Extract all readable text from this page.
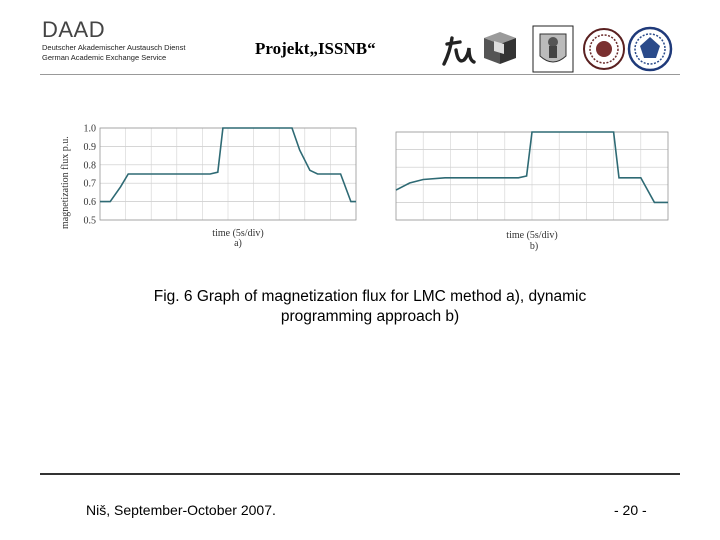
DAAD
Deutscher Akademischer Austausch Dienst
German Academic Exchange Service	Projekt„ISSNB“
magnetization flux p.u. 0.5
0.6
0.7
0.8
0.9
1.0
time (5s/div)
a)
time (5s/div)
b)
Fig. 6 Graph of magnetization flux for LMC method a), dynamic
programming approach b)
Niš, September-October 2007.	- 20 -
